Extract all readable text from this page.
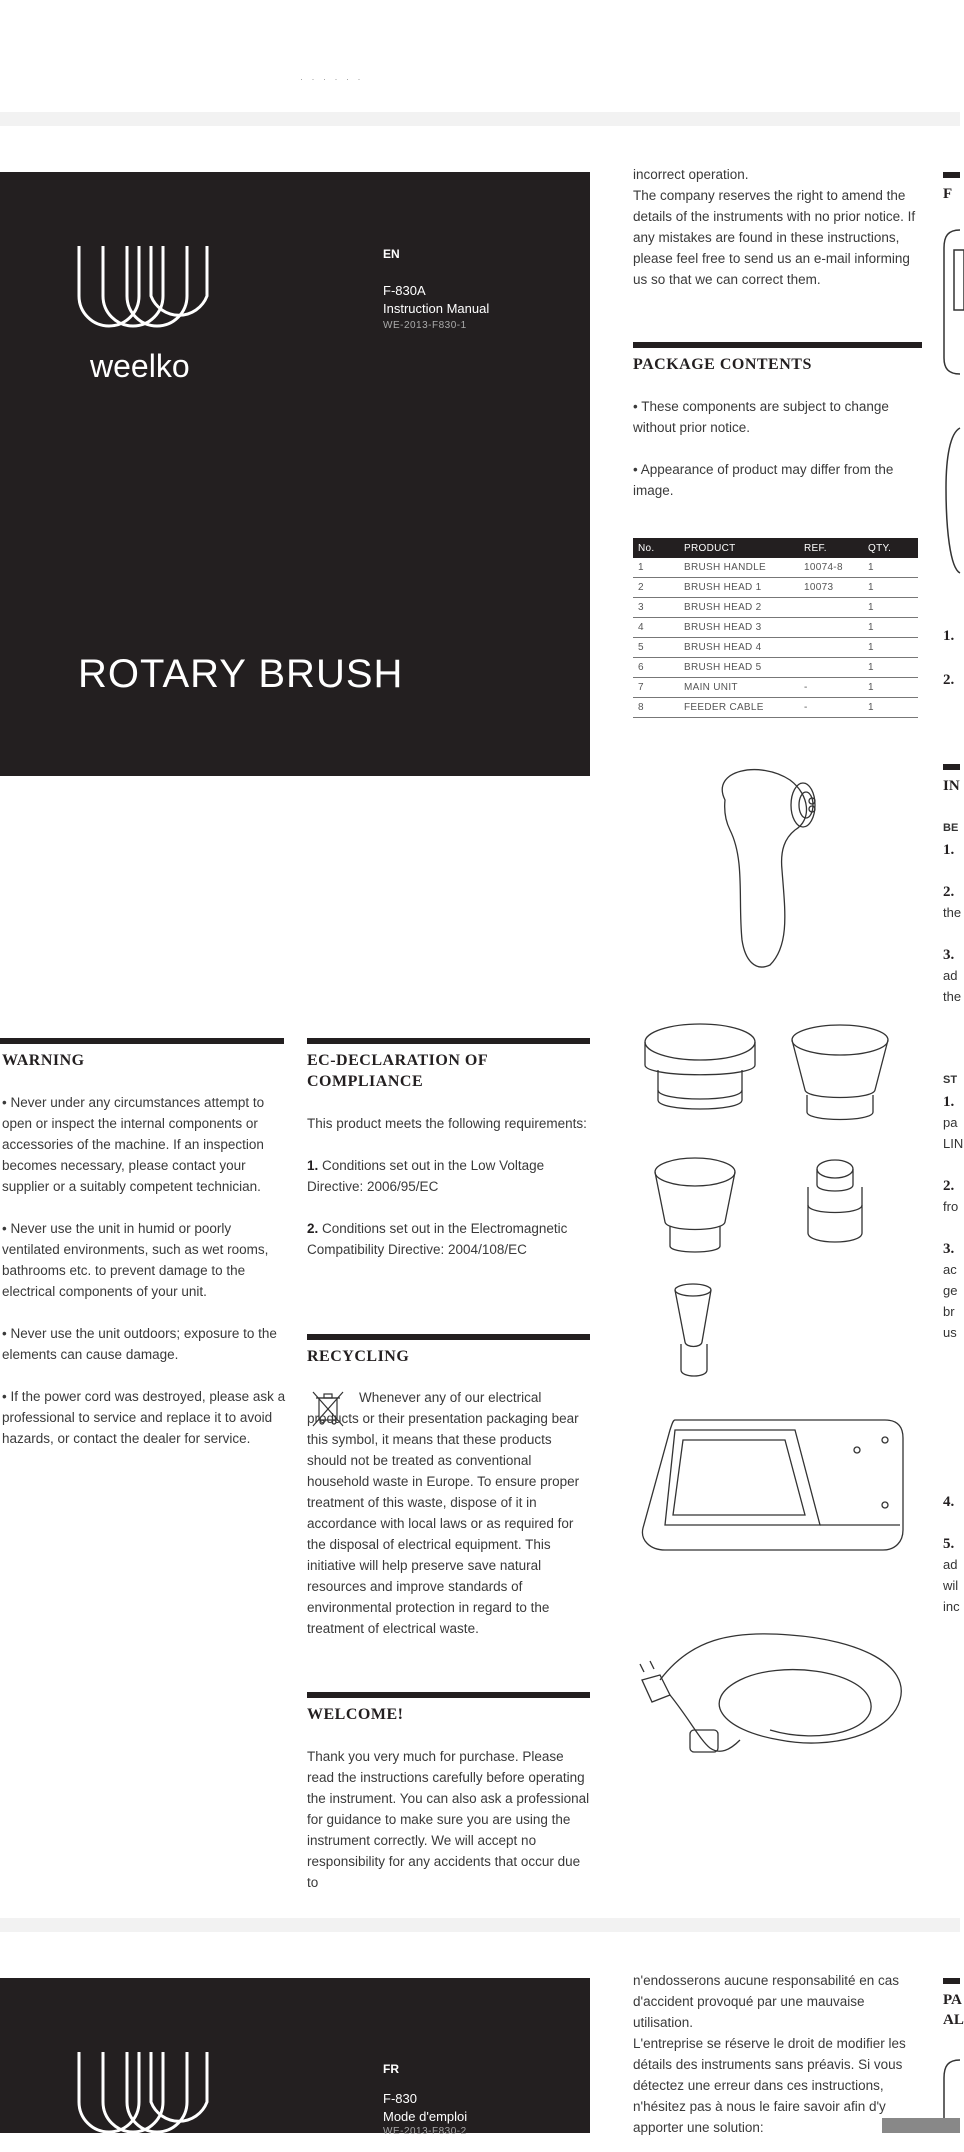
· · · · · ·
weelko
EN
F-830A
Instruction Manual
WE-2013-F830-1
ROTARY BRUSH
incorrect operation.
The company reserves the right to amend the details of the instruments with no prior notice. If any mistakes are found in these instructions, please feel free to send us an e-mail informing us so that we can correct them.
PACKAGE CONTENTS
• These components are subject to change without prior notice.
• Appearance of product may differ from the image.
No.	PRODUCT	REF.	QTY.
1	BRUSH HANDLE	10074-8	1
2	BRUSH HEAD 1	10073	1
3	BRUSH HEAD 2		1
4	BRUSH HEAD 3		1
5	BRUSH HEAD 4		1
6	BRUSH HEAD 5		1
7	MAIN UNIT	-	1
8	FEEDER CABLE	-	1
WARNING
• Never under any circumstances attempt to open or inspect the internal components or accessories of the machine. If an inspection becomes necessary, please contact your supplier or a suitably competent technician.
• Never use the unit in humid or poorly ventilated environments, such as wet rooms, bathrooms etc. to prevent damage to the electrical components of your unit.
• Never use the unit outdoors; exposure to the elements can cause damage.
• If the power cord was destroyed, please ask a professional to service and replace it to avoid hazards, or contact the dealer for service.
EC-DECLARATION OF COMPLIANCE
This product meets the following requirements:
1. Conditions set out in the Low Voltage Directive: 2006/95/EC
2. Conditions set out in the Electromagnetic Compatibility Directive: 2004/108/EC
RECYCLING
Whenever any of our electrical products or their presentation packaging bear this symbol, it means that these products should not be treated as conventional household waste in Europe. To ensure proper treatment of this waste, dispose of it in accordance with local laws or as required for the disposal of electrical equipment. This initiative will help preserve save natural resources and improve standards of environmental protection in regard to the treatment of electrical waste.
WELCOME!
Thank you very much for purchase. Please read the instructions carefully before operating the instrument. You can also ask a professional for guidance to make sure you are using the instrument correctly. We will accept no responsibility for any accidents that occur due to
FR
F-830
Mode d'emploi
WE-2013-F830-2
n'endosserons aucune responsabilité en cas d'accident provoqué par une mauvaise utilisation.
L'entreprise se réserve le droit de modifier les détails des instruments sans préavis. Si vous détectez une erreur dans ces instructions, n'hésitez pas à nous le faire savoir afin d'y apporter une solution:
F
1.
2.
IN
BE
1.
2.
the
3.
ad
the
ST
1.
pa
LIN
2.
fro
3.
ac
ge
br
us
4.
5.
ad
wil
inc
PA
AL
